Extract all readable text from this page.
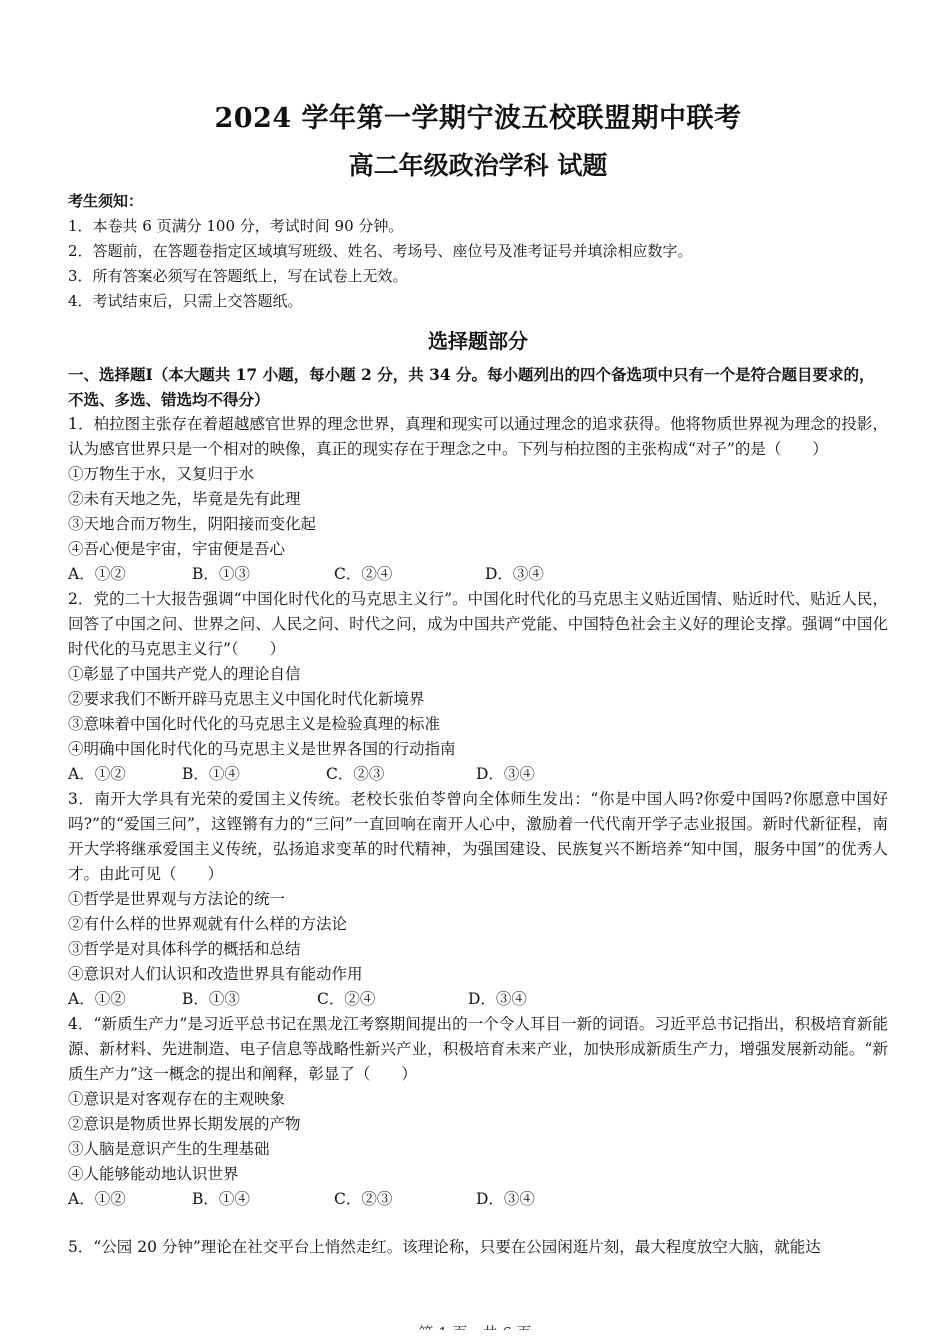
2024 学年第一学期宁波五校联盟期中联考
高二年级政治学科 试题
考生须知：
1．本卷共 6 页满分 100 分，考试时间 90 分钟。
2．答题前，在答题卷指定区域填写班级、姓名、考场号、座位号及准考证号并填涂相应数字。
3．所有答案必须写在答题纸上，写在试卷上无效。
4．考试结束后，只需上交答题纸。
选择题部分
一、选择题Ⅰ（本大题共 17 小题，每小题 2 分，共 34 分。每小题列出的四个备选项中只有一个是符合题目要求的，不选、多选、错选均不得分）

1．柏拉图主张存在着超越感官世界的理念世界，真理和现实可以通过理念的追求获得。他将物质世界视为理念的投影，认为感官世界只是一个相对的映像，真正的现实存在于理念之中。下列与柏拉图的主张构成“对子”的是（　　）

①万物生于水，又复归于水

②未有天地之先，毕竟是先有此理

③天地合而万物生，阴阳接而变化起

④吾心便是宇宙，宇宙便是吾心

A．①②	B．①③	C．②④	D．③④

2．党的二十大报告强调“中国化时代化的马克思主义行”。中国化时代化的马克思主义贴近国情、贴近时代、贴近人民，回答了中国之问、世界之问、人民之问、时代之问，成为中国共产党能、中国特色社会主义好的理论支撑。强调“中国化时代化的马克思主义行”（　　）

①彰显了中国共产党人的理论自信

②要求我们不断开辟马克思主义中国化时代化新境界

③意味着中国化时代化的马克思主义是检验真理的标准

④明确中国化时代化的马克思主义是世界各国的行动指南

A．①②	B．①④	C．②③	D．③④

3．南开大学具有光荣的爱国主义传统。老校长张伯苓曾向全体师生发出：“你是中国人吗?你爱中国吗?你愿意中国好吗?”的“爱国三问”，这铿锵有力的“三问”一直回响在南开人心中，激励着一代代南开学子志业报国。新时代新征程，南开大学将继承爱国主义传统，弘扬追求变革的时代精神，为强国建设、民族复兴不断培养“知中国，服务中国”的优秀人才。由此可见（　　）

①哲学是世界观与方法论的统一

②有什么样的世界观就有什么样的方法论

③哲学是对具体科学的概括和总结

④意识对人们认识和改造世界具有能动作用

A．①②	B．①③	C．②④	D．③④

4．“新质生产力”是习近平总书记在黑龙江考察期间提出的一个令人耳目一新的词语。习近平总书记指出，积极培育新能源、新材料、先进制造、电子信息等战略性新兴产业，积极培育未来产业，加快形成新质生产力，增强发展新动能。“新质生产力”这一概念的提出和阐释，彰显了（　　）

①意识是对客观存在的主观映象

②意识是物质世界长期发展的产物

③人脑是意识产生的生理基础

④人能够能动地认识世界

A．①②	B．①④	C．②③	D．③④
5．“公园 20 分钟”理论在社交平台上悄然走红。该理论称，只要在公园闲逛片刻，最大程度放空大脑，就能达
